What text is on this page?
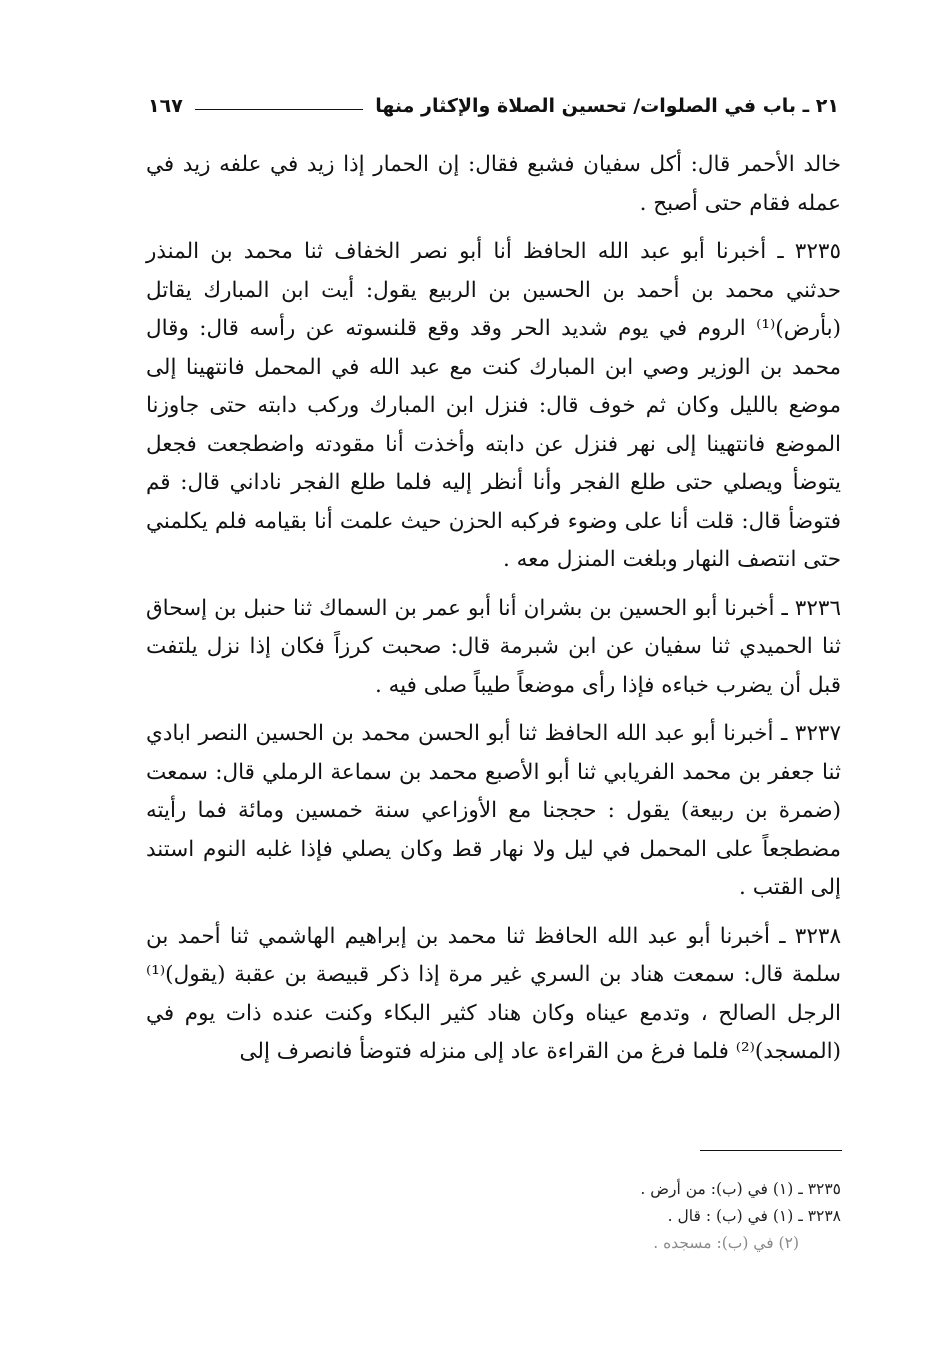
٢١ ـ باب في الصلوات/ تحسين الصلاة والإكثار منها
١٦٧

خالد الأحمر قال: أكل سفيان فشبع فقال: إن الحمار إذا زيد في علفه زيد في عمله فقام حتى أصبح .

٣٢٣٥ ـ أخبرنا أبو عبد الله الحافظ أنا أبو نصر الخفاف ثنا محمد بن المنذر حدثني محمد بن أحمد بن الحسين بن الربيع يقول: أيت ابن المبارك يقاتل (بأرض)⁽¹⁾ الروم في يوم شديد الحر وقد وقع قلنسوته عن رأسه قال: وقال محمد بن الوزير وصي ابن المبارك كنت مع عبد الله في المحمل فانتهينا إلى موضع بالليل وكان ثم خوف قال: فنزل ابن المبارك وركب دابته حتى جاوزنا الموضع فانتهينا إلى نهر فنزل عن دابته وأخذت أنا مقودته واضطجعت فجعل يتوضأ ويصلي حتى طلع الفجر وأنا أنظر إليه فلما طلع الفجر ناداني قال: قم فتوضأ قال: قلت أنا على وضوء فركبه الحزن حيث علمت أنا بقيامه فلم يكلمني حتى انتصف النهار وبلغت المنزل معه .

٣٢٣٦ ـ أخبرنا أبو الحسين بن بشران أنا أبو عمر بن السماك ثنا حنبل بن إسحاق ثنا الحميدي ثنا سفيان عن ابن شبرمة قال: صحبت كرزاً فكان إذا نزل يلتفت قبل أن يضرب خباءه فإذا رأى موضعاً طيباً صلى فيه .

٣٢٣٧ ـ أخبرنا أبو عبد الله الحافظ ثنا أبو الحسن محمد بن الحسين النصر ابادي ثنا جعفر بن محمد الفريابي ثنا أبو الأصبع محمد بن سماعة الرملي قال: سمعت (ضمرة بن ربيعة) يقول : حججنا مع الأوزاعي سنة خمسين ومائة فما رأيته مضطجعاً على المحمل في ليل ولا نهار قط وكان يصلي فإذا غلبه النوم استند إلى القتب .

٣٢٣٨ ـ أخبرنا أبو عبد الله الحافظ ثنا محمد بن إبراهيم الهاشمي ثنا أحمد بن سلمة قال: سمعت هناد بن السري غير مرة إذا ذكر قبيصة بن عقبة (يقول)⁽¹⁾ الرجل الصالح ، وتدمع عيناه وكان هناد كثير البكاء وكنت عنده ذات يوم في (المسجد)⁽²⁾ فلما فرغ من القراءة عاد إلى منزله فتوضأ فانصرف إلى

٣٢٣٥ ـ (١) في (ب): من أرض .
٣٢٣٨ ـ (١) في (ب) : قال .
(٢) في (ب): مسجده .
